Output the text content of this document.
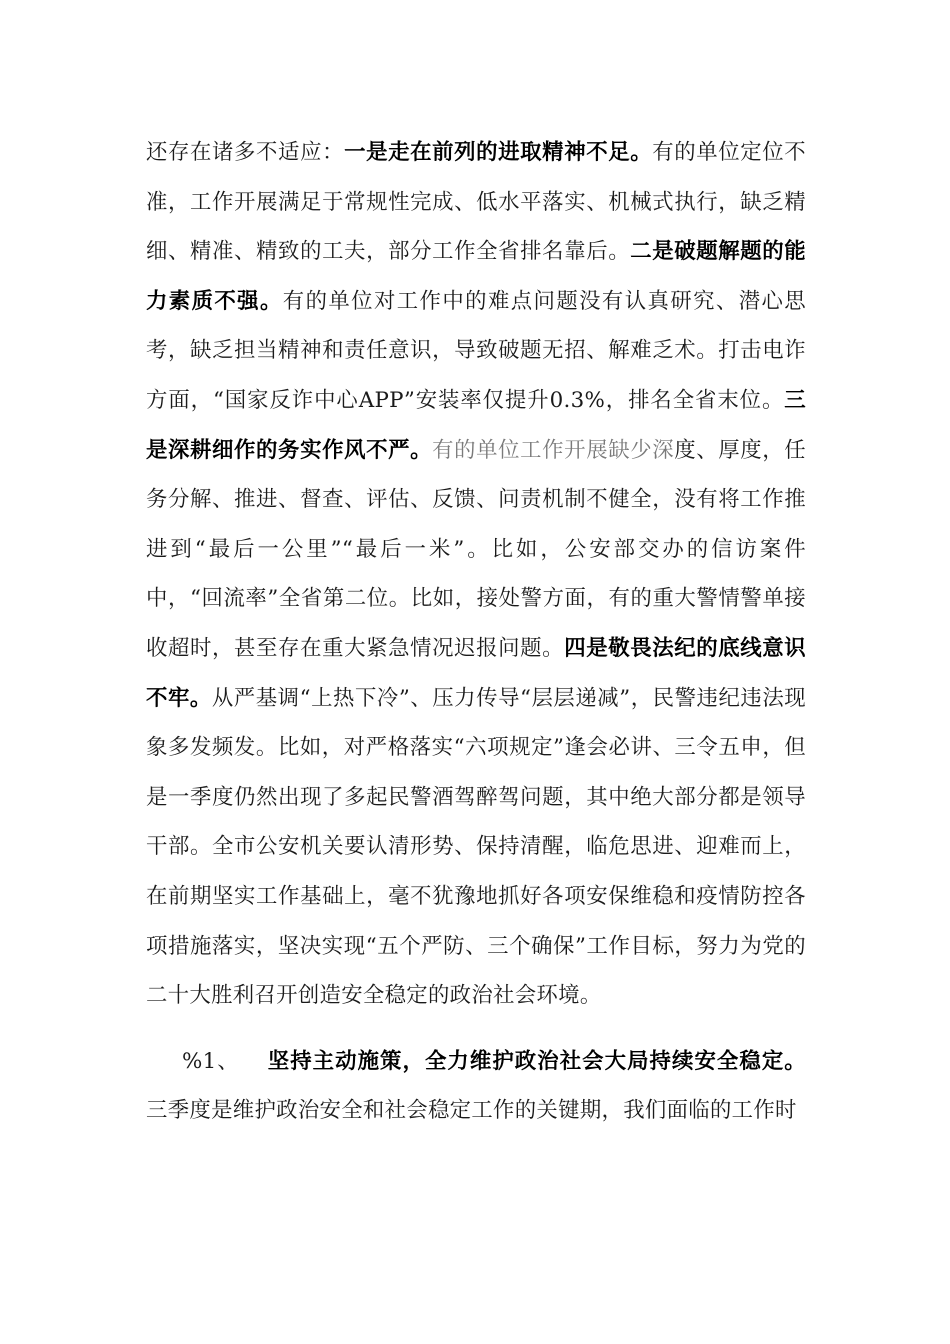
还存在诸多不适应：一是走在前列的进取精神不足。有的单位定位不准，工作开展满足于常规性完成、低水平落实、机械式执行，缺乏精细、精准、精致的工夫，部分工作全省排名靠后。二是破题解题的能力素质不强。有的单位对工作中的难点问题没有认真研究、潜心思考，缺乏担当精神和责任意识，导致破题无招、解难乏术。打击电诈方面，“国家反诈中心APP”安装率仅提升0.3%，排名全省末位。三是深耕细作的务实作风不严。有的单位工作开展缺少深度、厚度，任务分解、推进、督查、评估、反馈、问责机制不健全，没有将工作推进到“最后一公里”“最后一米”。比如，公安部交办的信访案件中，“回流率”全省第二位。比如，接处警方面，有的重大警情警单接收超时，甚至存在重大紧急情况迟报问题。四是敬畏法纪的底线意识不牢。从严基调“上热下冷”、压力传导“层层递减”，民警违纪违法现象多发频发。比如，对严格落实“六项规定”逢会必讲、三令五申，但是一季度仍然出现了多起民警酒驾醉驾问题，其中绝大部分都是领导干部。全市公安机关要认清形势、保持清醒，临危思进、迎难而上，在前期坚实工作基础上，毫不犹豫地抓好各项安保维稳和疫情防控各项措施落实，坚决实现“五个严防、三个确保”工作目标，努力为党的二十大胜利召开创造安全稳定的政治社会环境。

%1、 坚持主动施策，全力维护政治社会大局持续安全稳定。三季度是维护政治安全和社会稳定工作的关键期，我们面临的工作时
